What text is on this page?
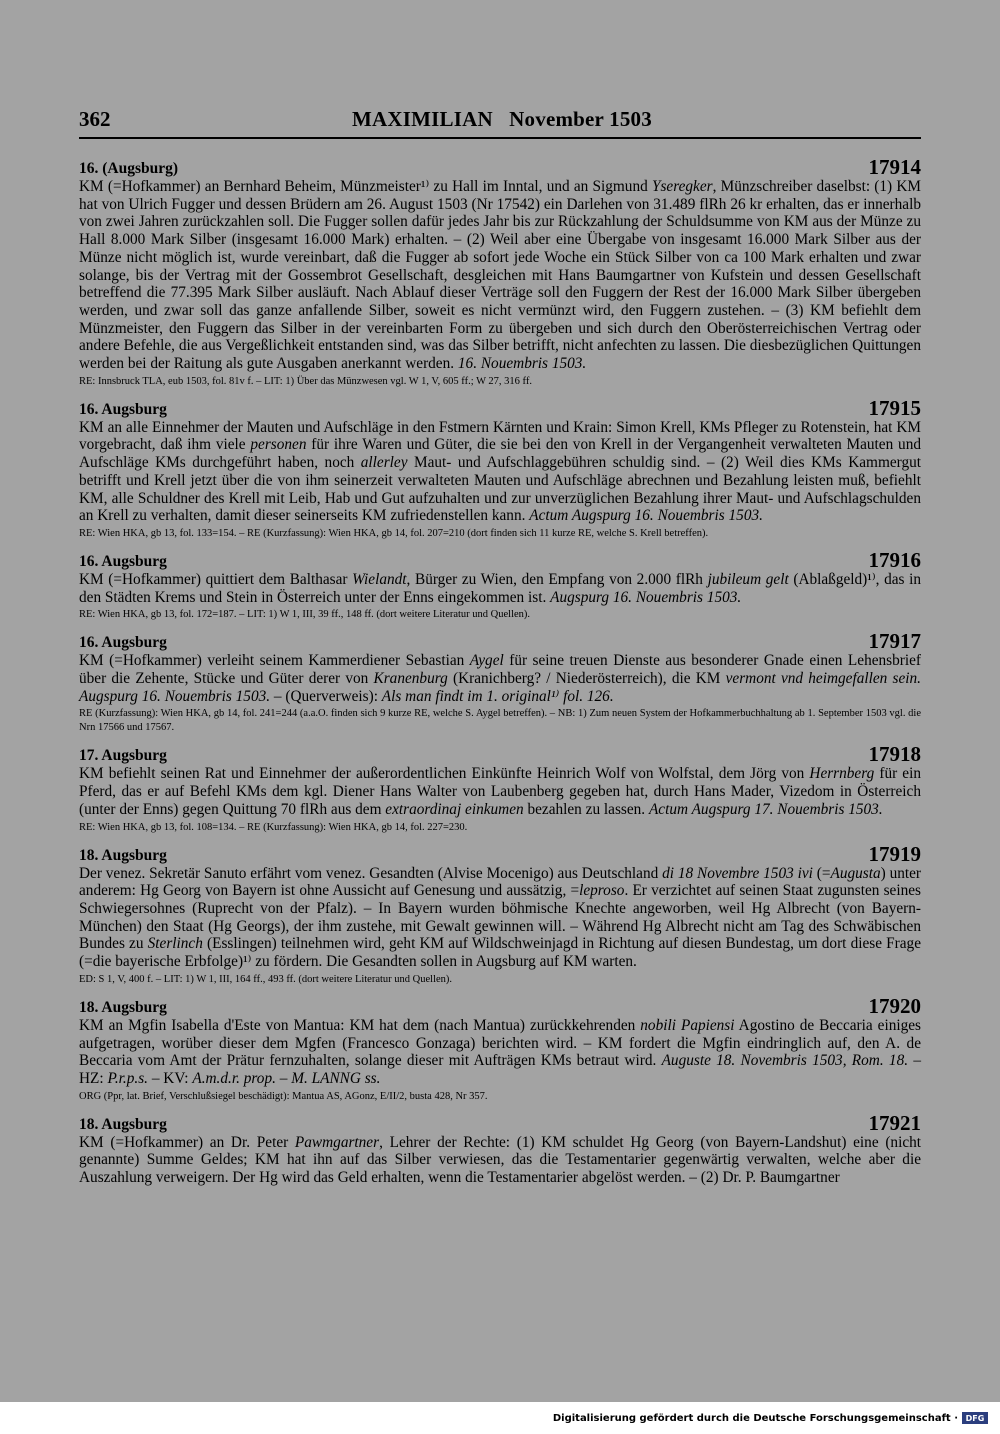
362	MAXIMILIAN   November 1503
16. (Augsburg)	17914
KM (=Hofkammer) an Bernhard Beheim, Münzmeister¹⁾ zu Hall im Inntal, und an Sigmund Yseregker, Münzschreiber daselbst: (1) KM hat von Ulrich Fugger und dessen Brüdern am 26. August 1503 (Nr 17542) ein Darlehen von 31.489 flRh 26 kr erhalten, das er innerhalb von zwei Jahren zurückzahlen soll. Die Fugger sollen dafür jedes Jahr bis zur Rückzahlung der Schuldsumme von KM aus der Münze zu Hall 8.000 Mark Silber (insgesamt 16.000 Mark) erhalten. – (2) Weil aber eine Übergabe von insgesamt 16.000 Mark Silber aus der Münze nicht möglich ist, wurde vereinbart, daß die Fugger ab sofort jede Woche ein Stück Silber von ca 100 Mark erhalten und zwar solange, bis der Vertrag mit der Gossembrot Gesellschaft, desgleichen mit Hans Baumgartner von Kufstein und dessen Gesellschaft betreffend die 77.395 Mark Silber ausläuft. Nach Ablauf dieser Verträge soll den Fuggern der Rest der 16.000 Mark Silber übergeben werden, und zwar soll das ganze anfallende Silber, soweit es nicht vermünzt wird, den Fuggern zustehen. – (3) KM befiehlt dem Münzmeister, den Fuggern das Silber in der vereinbarten Form zu übergeben und sich durch den Oberösterreichischen Vertrag oder andere Befehle, die aus Vergeßlichkeit entstanden sind, was das Silber betrifft, nicht anfechten zu lassen. Die diesbezüglichen Quittungen werden bei der Raitung als gute Ausgaben anerkannt werden. 16. Nouembris 1503.
RE: Innsbruck TLA, eub 1503, fol. 81v f. – LIT: 1) Über das Münzwesen vgl. W 1, V, 605 ff.; W 27, 316 ff.
16. Augsburg	17915
KM an alle Einnehmer der Mauten und Aufschläge in den Fstmern Kärnten und Krain: Simon Krell, KMs Pfleger zu Rotenstein, hat KM vorgebracht, daß ihm viele personen für ihre Waren und Güter, die sie bei den von Krell in der Vergangenheit verwalteten Mauten und Aufschläge KMs durchgeführt haben, noch allerley Maut- und Aufschlaggebühren schuldig sind. – (2) Weil dies KMs Kammergut betrifft und Krell jetzt über die von ihm seinerzeit verwalteten Mauten und Aufschläge abrechnen und Bezahlung leisten muß, befiehlt KM, alle Schuldner des Krell mit Leib, Hab und Gut aufzuhalten und zur unverzüglichen Bezahlung ihrer Maut- und Aufschlagschulden an Krell zu verhalten, damit dieser seinerseits KM zufriedenstellen kann. Actum Augspurg 16. Nouembris 1503.
RE: Wien HKA, gb 13, fol. 133=154. – RE (Kurzfassung): Wien HKA, gb 14, fol. 207=210 (dort finden sich 11 kurze RE, welche S. Krell betreffen).
16. Augsburg	17916
KM (=Hofkammer) quittiert dem Balthasar Wielandt, Bürger zu Wien, den Empfang von 2.000 flRh jubileum gelt (Ablaßgeld)¹⁾, das in den Städten Krems und Stein in Österreich unter der Enns eingekommen ist. Augspurg 16. Nouembris 1503.
RE: Wien HKA, gb 13, fol. 172=187. – LIT: 1) W 1, III, 39 ff., 148 ff. (dort weitere Literatur und Quellen).
16. Augsburg	17917
KM (=Hofkammer) verleiht seinem Kammerdiener Sebastian Aygel für seine treuen Dienste aus besonderer Gnade einen Lehensbrief über die Zehente, Stücke und Güter derer von Kranenburg (Kranichberg? / Niederösterreich), die KM vermont vnd heimgefallen sein. Augspurg 16. Nouembris 1503. – (Querverweis): Als man findt im 1. original¹⁾ fol. 126.
RE (Kurzfassung): Wien HKA, gb 14, fol. 241=244 (a.a.O. finden sich 9 kurze RE, welche S. Aygel betreffen). – NB: 1) Zum neuen System der Hofkammerbuchhaltung ab 1. September 1503 vgl. die Nrn 17566 und 17567.
17. Augsburg	17918
KM befiehlt seinen Rat und Einnehmer der außerordentlichen Einkünfte Heinrich Wolf von Wolfstal, dem Jörg von Herrnberg für ein Pferd, das er auf Befehl KMs dem kgl. Diener Hans Walter von Laubenberg gegeben hat, durch Hans Mader, Vizedom in Österreich (unter der Enns) gegen Quittung 70 flRh aus dem extraordinaj einkumen bezahlen zu lassen. Actum Augspurg 17. Nouembris 1503.
RE: Wien HKA, gb 13, fol. 108=134. – RE (Kurzfassung): Wien HKA, gb 14, fol. 227=230.
18. Augsburg	17919
Der venez. Sekretär Sanuto erfährt vom venez. Gesandten (Alvise Mocenigo) aus Deutschland di 18 Novembre 1503 ivi (=Augusta) unter anderem: Hg Georg von Bayern ist ohne Aussicht auf Genesung und aussätzig, =leproso. Er verzichtet auf seinen Staat zugunsten seines Schwiegersohnes (Ruprecht von der Pfalz). – In Bayern wurden böhmische Knechte angeworben, weil Hg Albrecht (von Bayern-München) den Staat (Hg Georgs), der ihm zustehe, mit Gewalt gewinnen will. – Während Hg Albrecht nicht am Tag des Schwäbischen Bundes zu Sterlinch (Esslingen) teilnehmen wird, geht KM auf Wildschweinjagd in Richtung auf diesen Bundestag, um dort diese Frage (=die bayerische Erbfolge)¹⁾ zu fördern. Die Gesandten sollen in Augsburg auf KM warten.
ED: S 1, V, 400 f. – LIT: 1) W 1, III, 164 ff., 493 ff. (dort weitere Literatur und Quellen).
18. Augsburg	17920
KM an Mgfin Isabella d'Este von Mantua: KM hat dem (nach Mantua) zurückkehrenden nobili Papiensi Agostino de Beccaria einiges aufgetragen, worüber dieser dem Mgfen (Francesco Gonzaga) berichten wird. – KM fordert die Mgfin eindringlich auf, den A. de Beccaria vom Amt der Prätur fernzuhalten, solange dieser mit Aufträgen KMs betraut wird. Auguste 18. Novembris 1503, Rom. 18. – HZ: P.r.p.s. – KV: A.m.d.r. prop. – M. LANNG ss.
ORG (Ppr, lat. Brief, Verschlußsiegel beschädigt): Mantua AS, AGonz, E/II/2, busta 428, Nr 357.
18. Augsburg	17921
KM (=Hofkammer) an Dr. Peter Pawmgartner, Lehrer der Rechte: (1) KM schuldet Hg Georg (von Bayern-Landshut) eine (nicht genannte) Summe Geldes; KM hat ihn auf das Silber verwiesen, das die Testamentarier gegenwärtig verwalten, welche aber die Auszahlung verweigern. Der Hg wird das Geld erhalten, wenn die Testamentarier abgelöst werden. – (2) Dr. P. Baumgartner
Digitalisierung gefördert durch die Deutsche Forschungsgemeinschaft · DFG
